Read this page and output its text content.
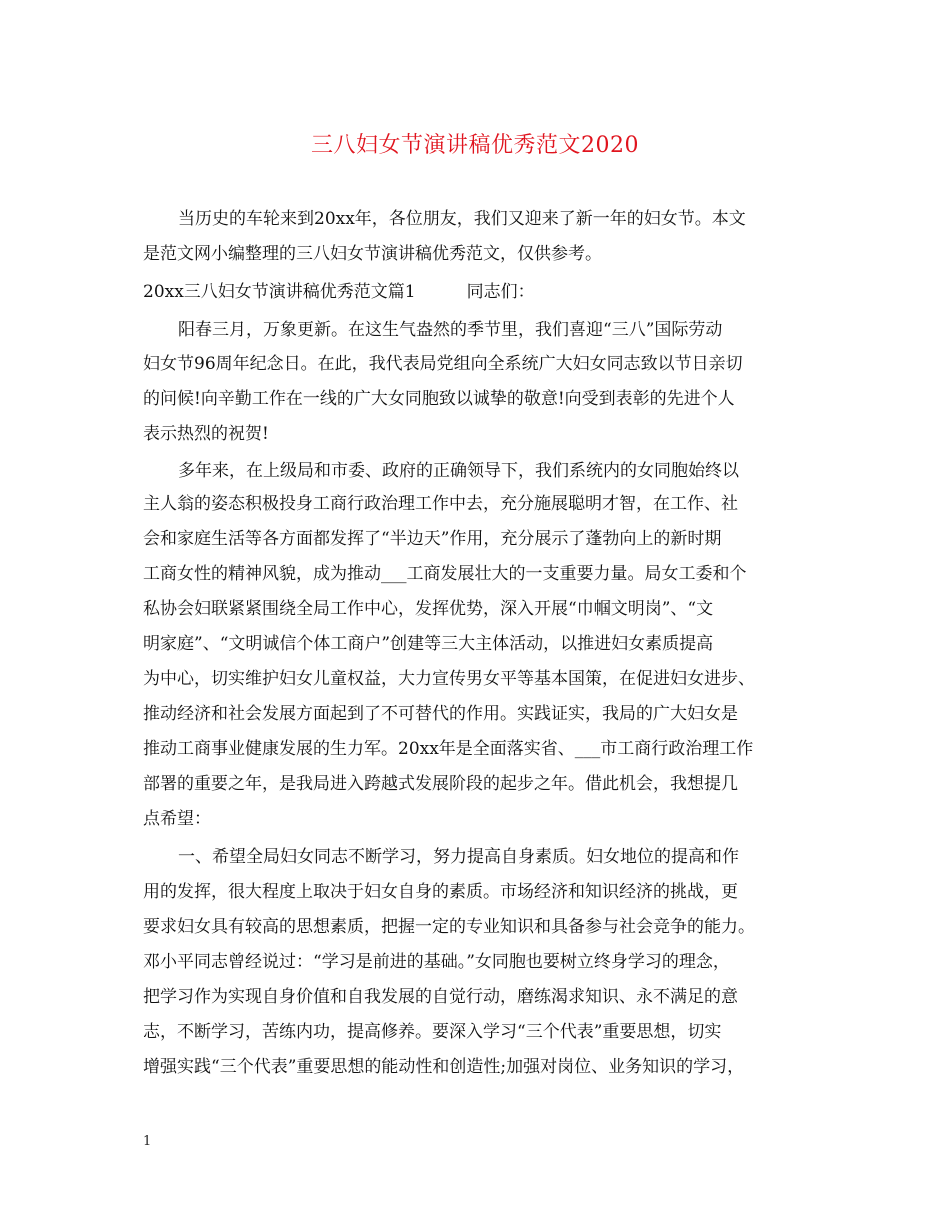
三八妇女节演讲稿优秀范文2020
当历史的车轮来到20xx年，各位朋友，我们又迎来了新一年的妇女节。本文
是范文网小编整理的三八妇女节演讲稿优秀范文，仅供参考。
20xx三八妇女节演讲稿优秀范文篇1　　　同志们：
阳春三月，万象更新。在这生气盎然的季节里，我们喜迎“三八”国际劳动
妇女节96周年纪念日。在此，我代表局党组向全系统广大妇女同志致以节日亲切
的问候!向辛勤工作在一线的广大女同胞致以诚挚的敬意!向受到表彰的先进个人
表示热烈的祝贺!
多年来，在上级局和市委、政府的正确领导下，我们系统内的女同胞始终以
主人翁的姿态积极投身工商行政治理工作中去，充分施展聪明才智，在工作、社
会和家庭生活等各方面都发挥了“半边天”作用，充分展示了蓬勃向上的新时期
工商女性的精神风貌，成为推动___工商发展壮大的一支重要力量。局女工委和个
私协会妇联紧紧围绕全局工作中心，发挥优势，深入开展“巾帼文明岗”、“文
明家庭”、“文明诚信个体工商户”创建等三大主体活动，以推进妇女素质提高
为中心，切实维护妇女儿童权益，大力宣传男女平等基本国策，在促进妇女进步、
推动经济和社会发展方面起到了不可替代的作用。实践证实，我局的广大妇女是
推动工商事业健康发展的生力军。20xx年是全面落实省、___市工商行政治理工作
部署的重要之年，是我局进入跨越式发展阶段的起步之年。借此机会，我想提几
点希望：
一、希望全局妇女同志不断学习，努力提高自身素质。妇女地位的提高和作
用的发挥，很大程度上取决于妇女自身的素质。市场经济和知识经济的挑战，更
要求妇女具有较高的思想素质，把握一定的专业知识和具备参与社会竞争的能力。
邓小平同志曾经说过：“学习是前进的基础。”女同胞也要树立终身学习的理念，
把学习作为实现自身价值和自我发展的自觉行动，磨练渴求知识、永不满足的意
志，不断学习，苦练内功，提高修养。要深入学习“三个代表”重要思想，切实
增强实践“三个代表”重要思想的能动性和创造性;加强对岗位、业务知识的学习，
1
